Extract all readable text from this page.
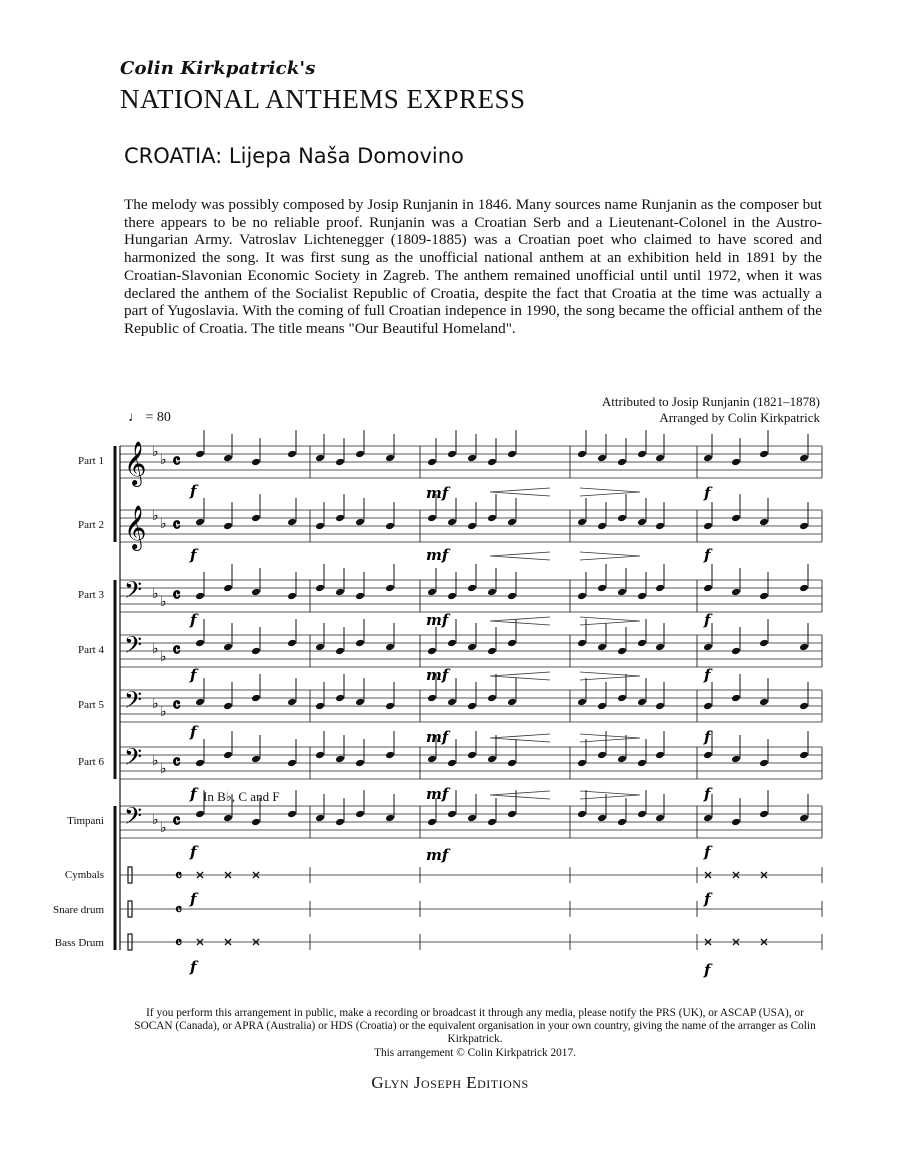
Colin Kirkpatrick's
NATIONAL ANTHEMS EXPRESS
CROATIA: Lijepa Naša Domovino
The melody was possibly composed by Josip Runjanin in 1846. Many sources name Runjanin as the composer but there appears to be no reliable proof. Runjanin was a Croatian Serb and a Lieutenant-Colonel in the Austro-Hungarian Army. Vatroslav Lichtenegger (1809-1885) was a Croatian poet who claimed to have scored and harmonized the song. It was first sung as the unofficial national anthem at an exhibition held in 1891 by the Croatian-Slavonian Economic Society in Zagreb. The anthem remained unofficial until until 1972, when it was declared the anthem of the Socialist Republic of Croatia, despite the fact that Croatia at the time was actually a part of Yugoslavia. With the coming of full Croatian indepence in 1990, the song became the official anthem of the Republic of Croatia. The title means "Our Beautiful Homeland".
Attributed to Josip Runjanin (1821–1878)
Arranged by Colin Kirkpatrick
♩ = 80
Part 1
Part 2
Part 3
Part 4
Part 5
Part 6
Timpani
Cymbals
Snare drum
Bass Drum
In B♭, C and F
𝄞 ♭ ♭ 𝄴
𝄞 ♭ ♭ 𝄴
𝄢 ♭ ♭ 𝄴
𝄢 ♭ ♭ 𝄴
𝄢 ♭ ♭ 𝄴
𝄢 ♭ ♭ 𝄴
𝄢 ♭ ♭ 𝄴
𝄴
𝄴
𝄴
f
f
f
f
f
f
f
f
f
mf
mf
mf
mf
mf
mf
mf
f
f
f
f
f
f
f
f
f
If you perform this arrangement in public, make a recording or broadcast it through any media, please notify the PRS (UK), or ASCAP (USA), or SOCAN (Canada), or APRA (Australia) or HDS (Croatia) or the equivalent organisation in your own country, giving the name of the arranger as Colin Kirkpatrick.
This arrangement © Colin Kirkpatrick 2017.
Glyn Joseph Editions
